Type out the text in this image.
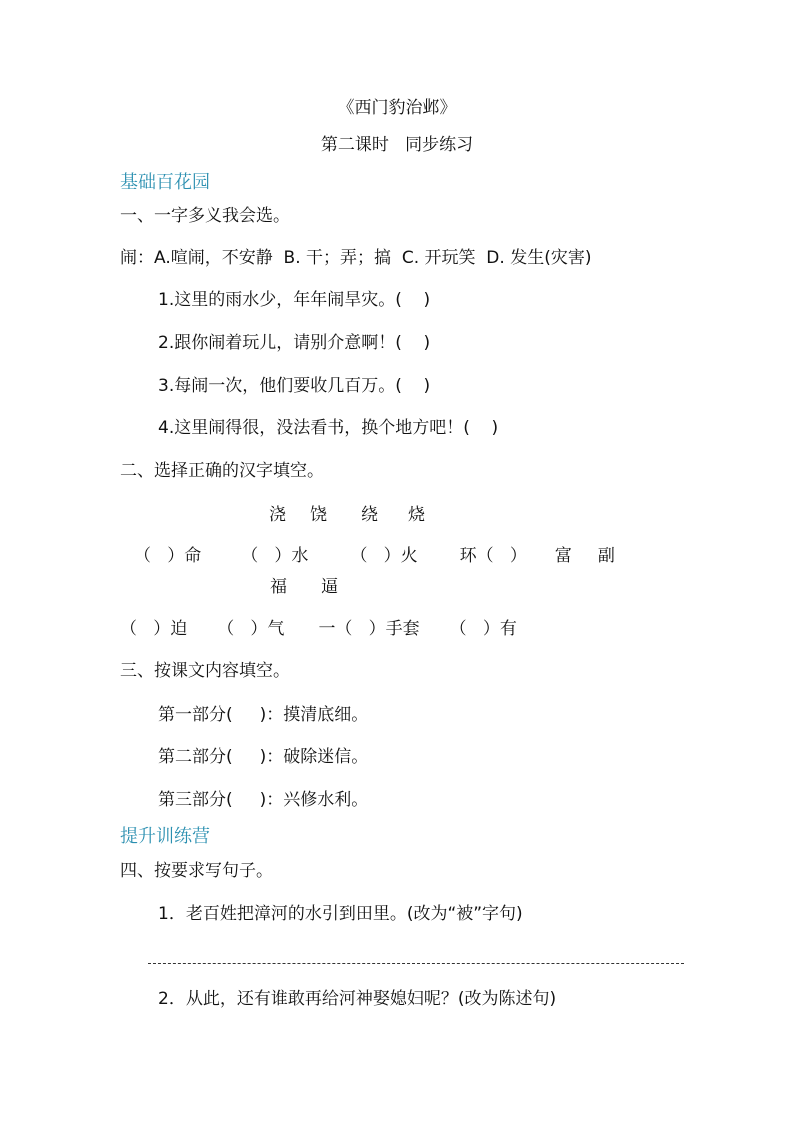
《西门豹治邺》
第二课时   同步练习
基础百花园
一、一字多义我会选。
闹：A.喧闹，不安静  B. 干；弄；搞  C. 开玩笑  D. 发生(灾害)
1.这里的雨水少，年年闹旱灾。(    )
2.跟你闹着玩儿，请别介意啊！(    )
3.每闹一次，他们要收几百万。(    )
4.这里闹得很，没法看书，换个地方吧！(    )
二、选择正确的汉字填空。
浇 饶 绕 烧
（   ）命 （   ）水 （   ）火 环（   ） 富 副
福 逼
（   ）迫 （   ）气 一（   ）手套 （   ）有
三、按课文内容填空。
第一部分(     )：摸清底细。
第二部分(     )：破除迷信。
第三部分(     )：兴修水利。
提升训练营
四、按要求写句子。
1．老百姓把漳河的水引到田里。(改为“被”字句)
2．从此，还有谁敢再给河神娶媳妇呢？(改为陈述句)
